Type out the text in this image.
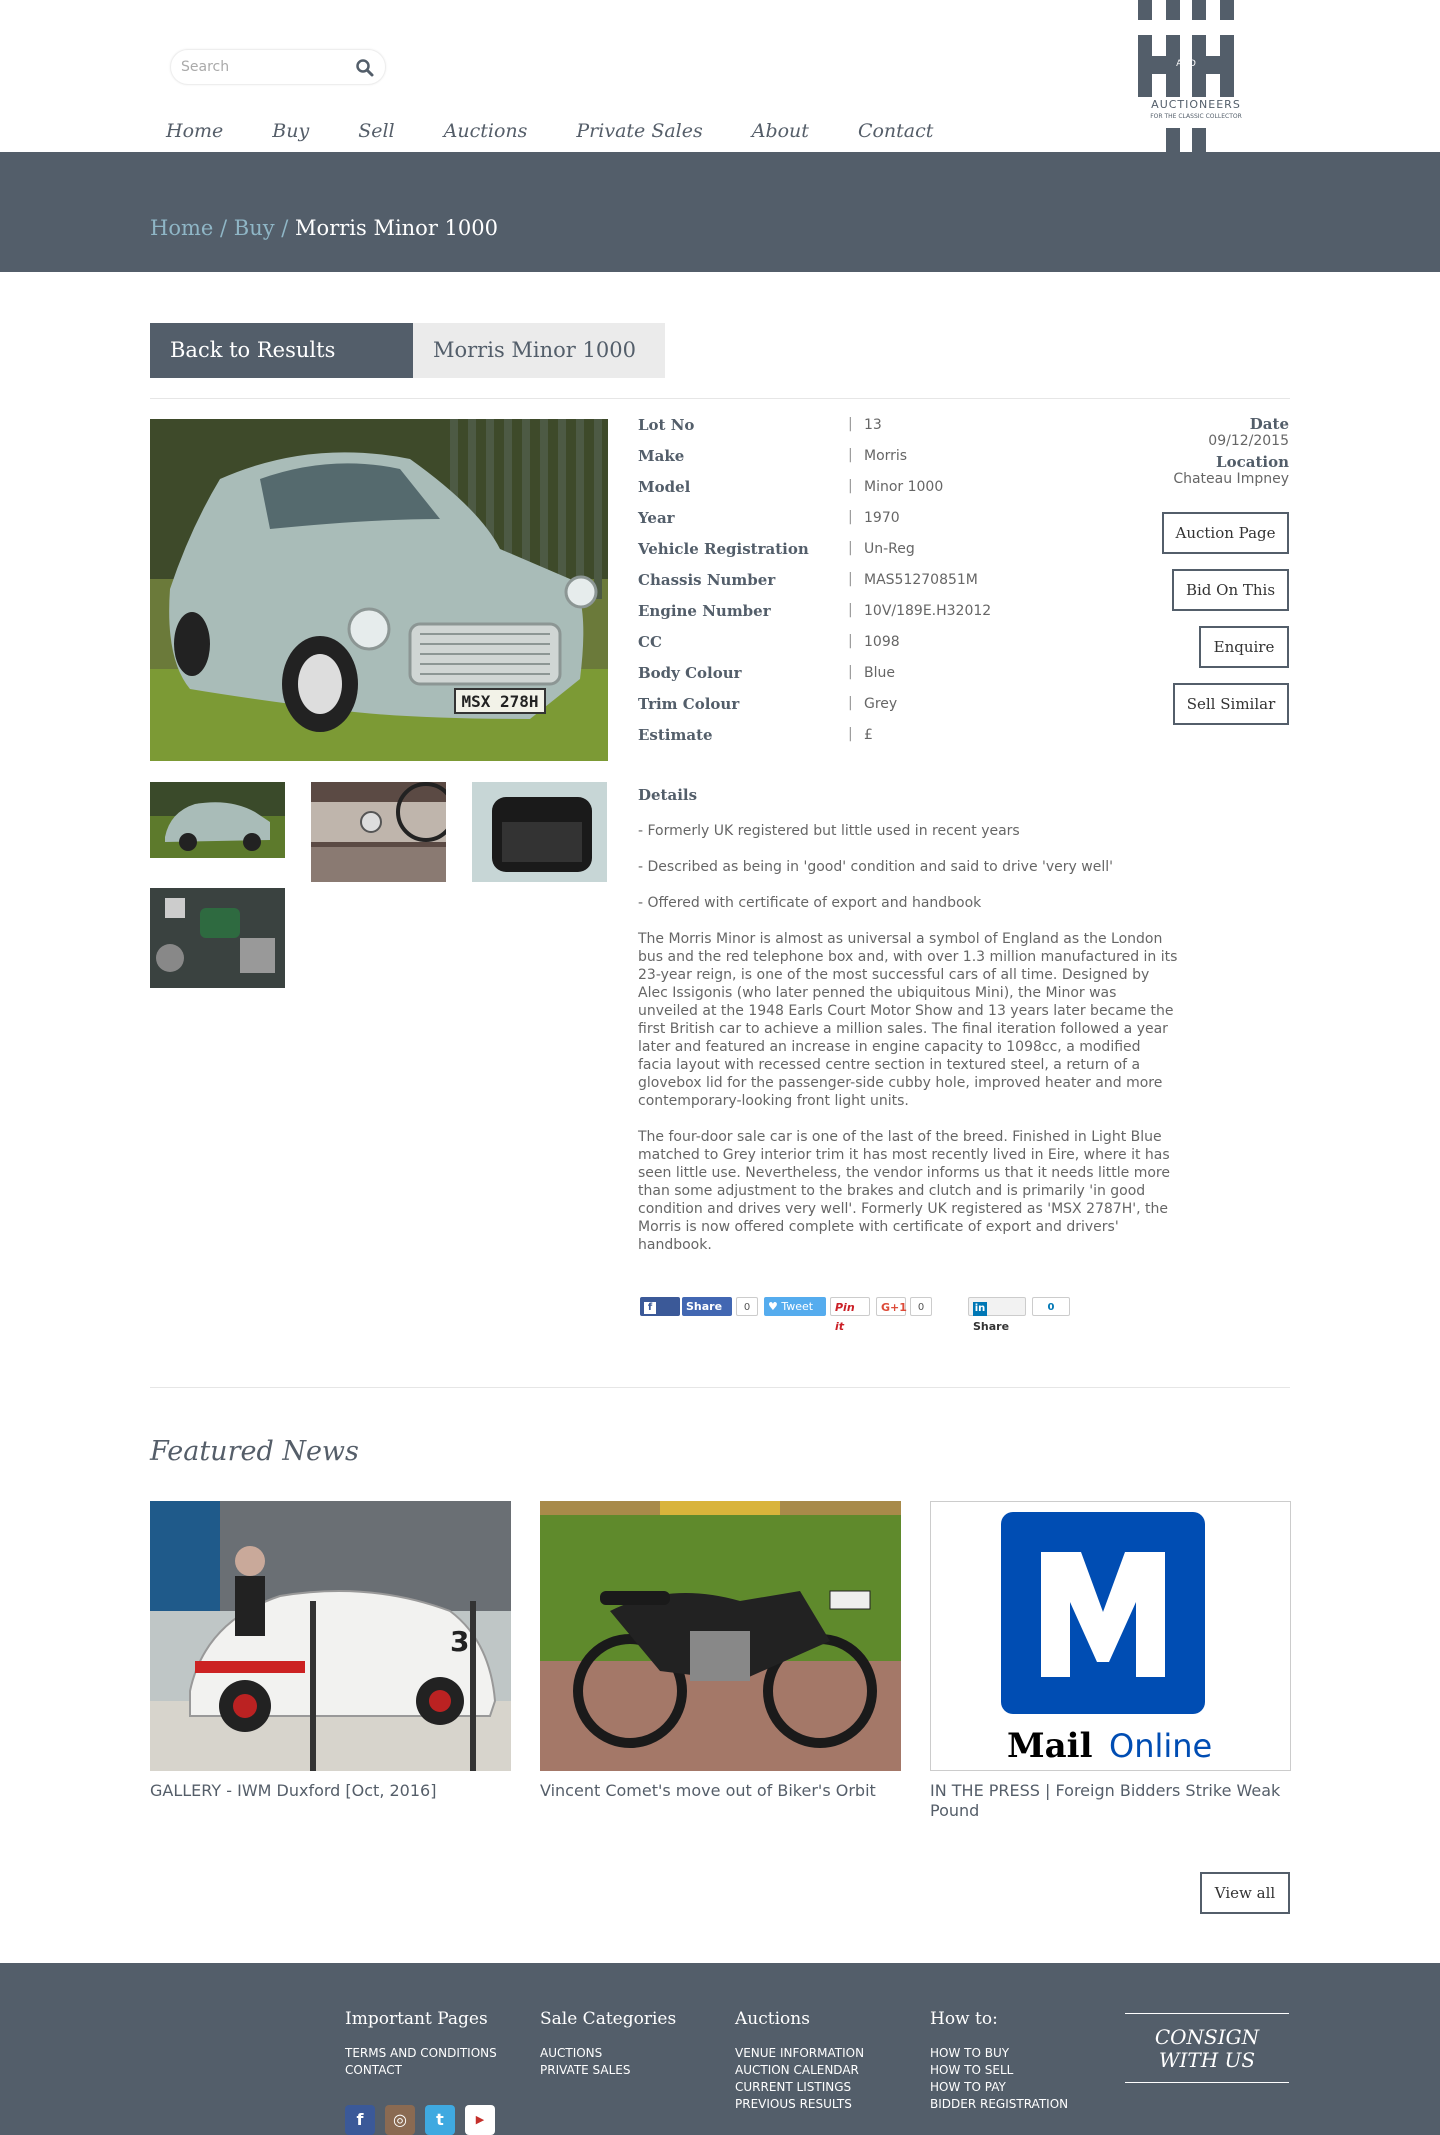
Search
Home	Buy	Sell	Auctions	Private Sales	About	Contact
AND
AUCTIONEERS
FOR THE CLASSIC COLLECTOR
Home / Buy / Morris Minor 1000
Back to Results	Morris Minor 1000
MSX 278H
Lot No	| 13
Make	| Morris
Model	| Minor 1000
Year	| 1970
Vehicle Registration	| Un-Reg
Chassis Number	| MAS51270851M
Engine Number	| 10V/189E.H32012
CC	| 1098
Body Colour	| Blue
Trim Colour	| Grey
Estimate	| £
Date
09/12/2015
Location
Chateau Impney
Auction Page
Bid On This
Enquire
Sell Similar
Details

- Formerly UK registered but little used in recent years

- Described as being in 'good' condition and said to drive 'very well'

- Offered with certificate of export and handbook

The Morris Minor is almost as universal a symbol of England as the London bus and the red telephone box and, with over 1.3 million manufactured in its 23-year reign, is one of the most successful cars of all time. Designed by Alec Issigonis (who later penned the ubiquitous Mini), the Minor was unveiled at the 1948 Earls Court Motor Show and 13 years later became the first British car to achieve a million sales. The final iteration followed a year later and featured an increase in engine capacity to 1098cc, a modified facia layout with recessed centre section in textured steel, a return of a glovebox lid for the passenger-side cubby hole, improved heater and more contemporary-looking front light units.

The four-door sale car is one of the last of the breed. Finished in Light Blue matched to Grey interior trim it has most recently lived in Eire, where it has seen little use. Nevertheless, the vendor informs us that it needs little more than some adjustment to the brakes and clutch and is primarily 'in good condition and drives very well'. Formerly UK registered as 'MSX 2787H', the Morris is now offered complete with certificate of export and drivers' handbook.

fLike
Share	0	♥ Tweet	Pin it
G+1	0	inShare
0
Featured News
3
GALLERY - IWM Duxford [Oct, 2016]	Vincent Comet's move out of Biker's Orbit
Mail Online
IN THE PRESS | Foreign Bidders Strike Weak Pound
View all
Important Pages
TERMS AND CONDITIONS
CONTACT
Sale Categories
AUCTIONS
PRIVATE SALES
Auctions
VENUE INFORMATION
AUCTION CALENDAR
CURRENT LISTINGS
PREVIOUS RESULTS
How to:
HOW TO BUY
HOW TO SELL
HOW TO PAY
BIDDER REGISTRATION
CONSIGN WITH US
f	◎	t	▶
